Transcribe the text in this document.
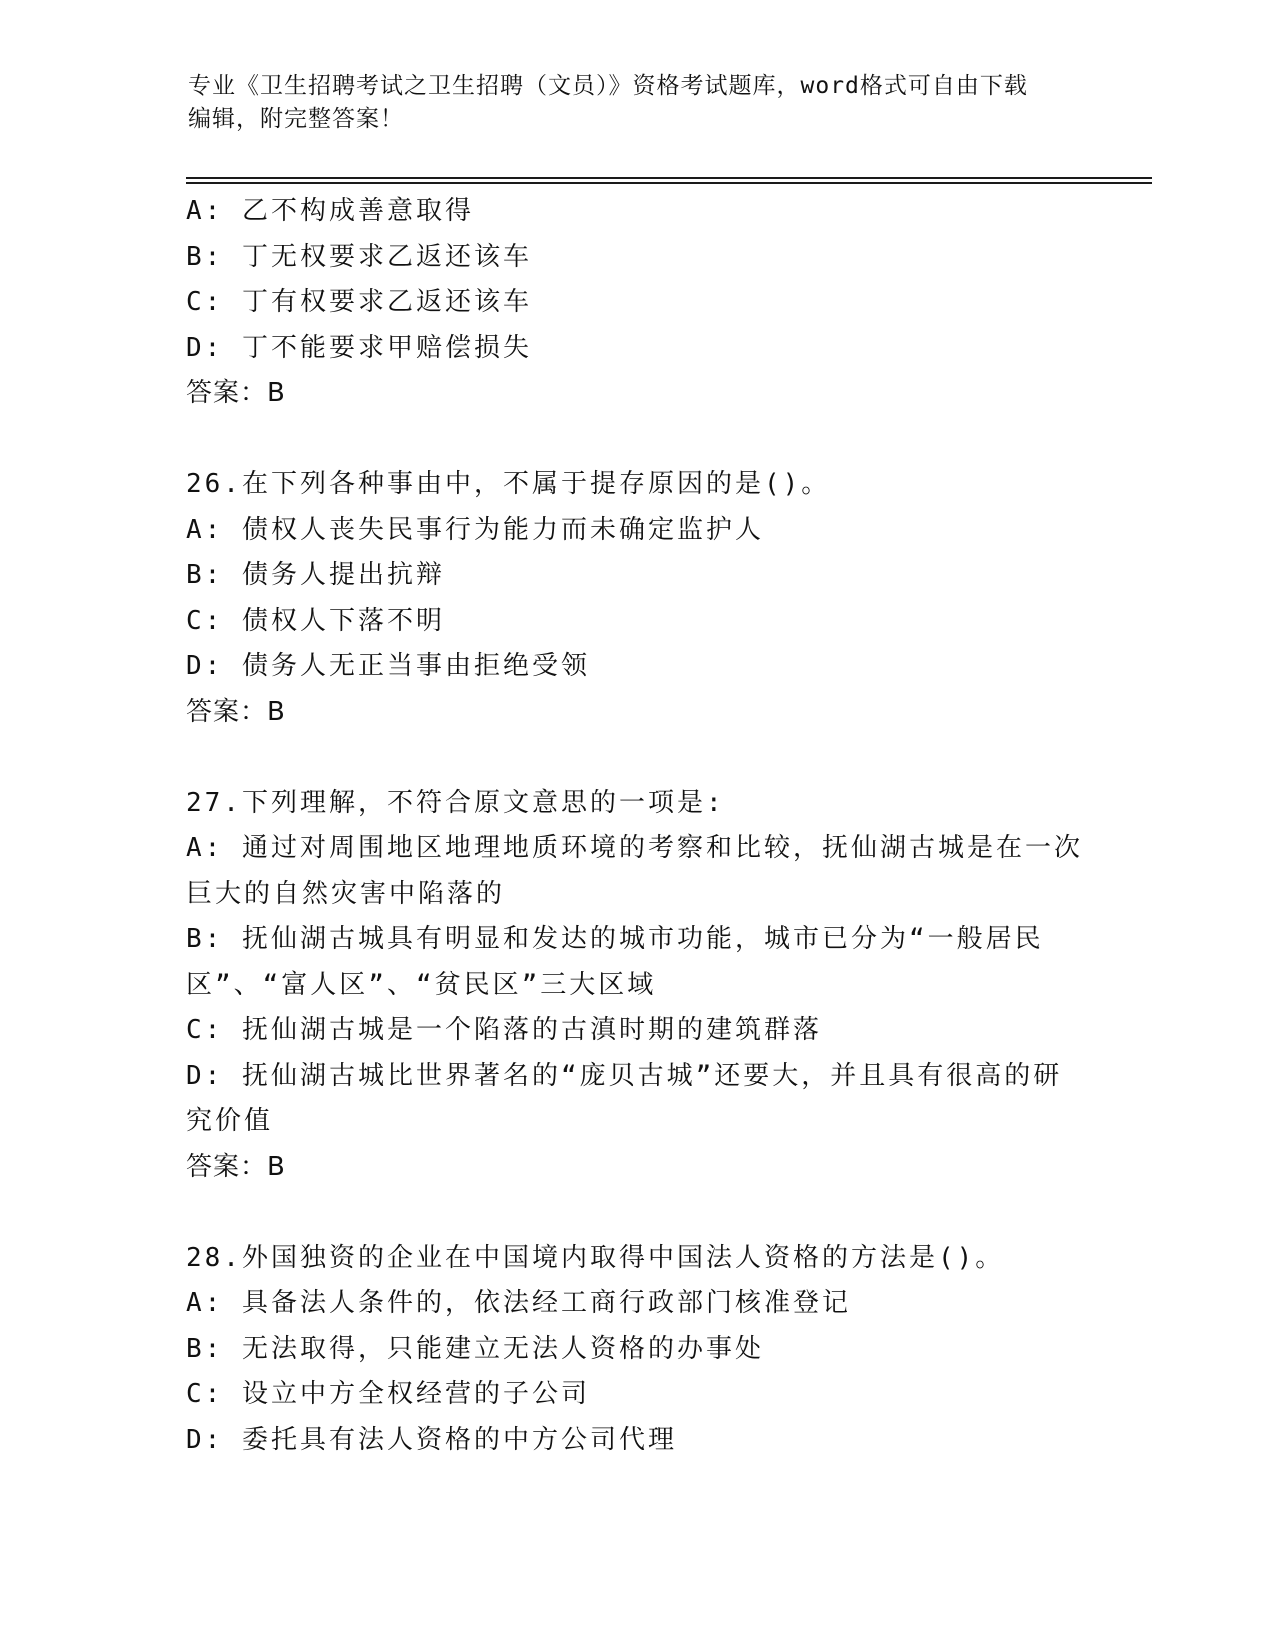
专业《卫生招聘考试之卫生招聘（文员）》资格考试题库，word格式可自由下载
编辑，附完整答案！
A: 乙不构成善意取得
B: 丁无权要求乙返还该车
C: 丁有权要求乙返还该车
D: 丁不能要求甲赔偿损失
答案：B
26.在下列各种事由中，不属于提存原因的是()。
A: 债权人丧失民事行为能力而未确定监护人
B: 债务人提出抗辩
C: 债权人下落不明
D: 债务人无正当事由拒绝受领
答案：B
27.下列理解，不符合原文意思的一项是:
A: 通过对周围地区地理地质环境的考察和比较，抚仙湖古城是在一次巨大的自然灾害中陷落的
B: 抚仙湖古城具有明显和发达的城市功能，城市已分为“一般居民区”、“富人区”、“贫民区”三大区域
C: 抚仙湖古城是一个陷落的古滇时期的建筑群落
D: 抚仙湖古城比世界著名的“庞贝古城”还要大，并且具有很高的研究价值
答案：B
28.外国独资的企业在中国境内取得中国法人资格的方法是()。
A: 具备法人条件的，依法经工商行政部门核准登记
B: 无法取得，只能建立无法人资格的办事处
C: 设立中方全权经营的子公司
D: 委托具有法人资格的中方公司代理
